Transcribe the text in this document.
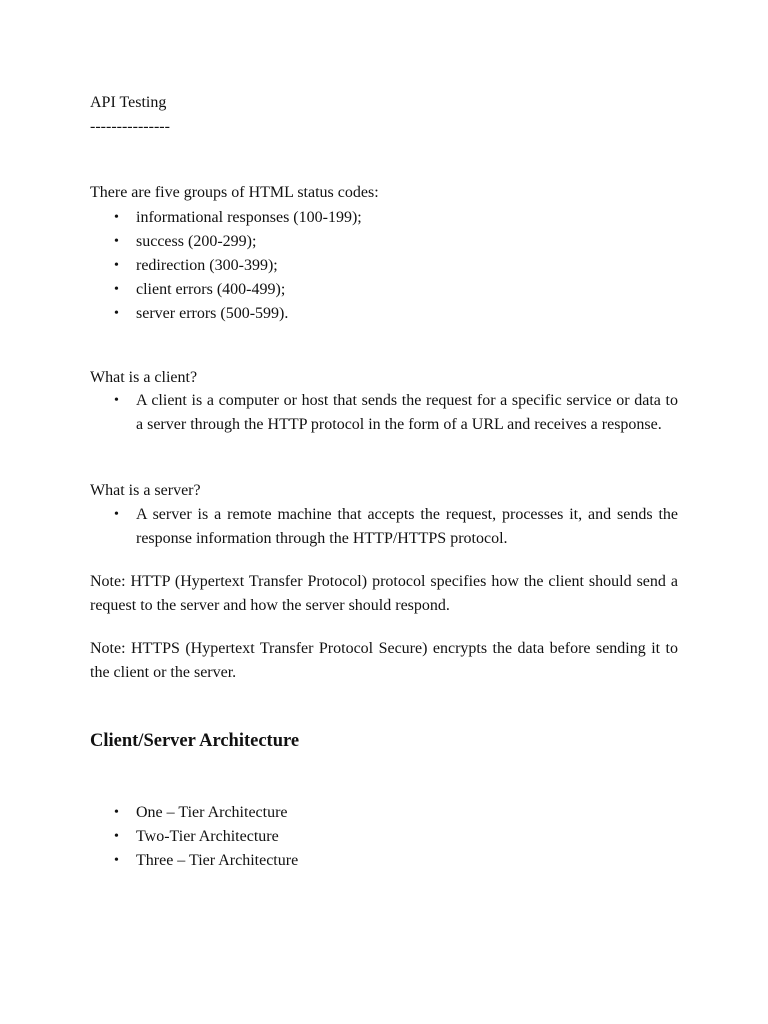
API Testing
---------------
There are five groups of HTML status codes:
• informational responses (100-199);
• success (200-299);
• redirection (300-399);
• client errors (400-499);
• server errors (500-599).
What is a client?
• A client is a computer or host that sends the request for a specific service or data to a server through the HTTP protocol in the form of a URL and receives a response.
What is a server?
• A server is a remote machine that accepts the request, processes it, and sends the response information through the HTTP/HTTPS protocol.
Note: HTTP (Hypertext Transfer Protocol) protocol specifies how the client should send a request to the server and how the server should respond.
Note: HTTPS (Hypertext Transfer Protocol Secure) encrypts the data before sending it to the client or the server.
Client/Server Architecture
• One – Tier Architecture
• Two-Tier Architecture
• Three – Tier Architecture
